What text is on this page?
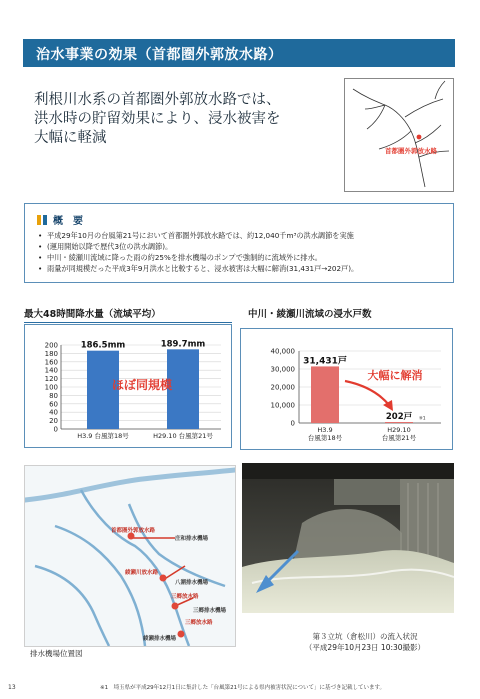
治水事業の効果（首都圏外郭放水路）
利根川水系の首都圏外郭放水路では、
洪水時の貯留効果により、浸水被害を
大幅に軽減
首都圏外郭放水路
概　要
• 平成29年10月の台風第21号において首都圏外郭放水路では、約12,040千m³の洪水調節を実施
• (運用開始以降で歴代3位の洪水調節)。
• 中川・綾瀬川流域に降った雨の約25%を排水機場のポンプで強制的に流域外に排水。
• 雨量が同規模だった平成3年9月洪水と比較すると、浸水被害は大幅に解消(31,431戸→202戸)。
最大48時間降水量（流域平均）	中川・綾瀬川流域の浸水戸数
200
180
160
140
120
100
80
60
40
20
0
186.5mm
H3.9 台風第18号
189.7mm
H29.10 台風第21号
ほぼ同規模
40,000
30,000
20,000
10,000
0
31,431戸
H3.9
台風第18号
202戸
H29.10
台風第21号
※1
大幅に解消
首都圏外郭放水路
庄和排水機場
綾瀬川放水路
八潮排水機場
三郷放水路
三郷排水機場
三郷放水路
綾瀬排水機場
排水機場位置図
第３立坑（倉松川）の流入状況
（平成29年10月23日 10:30撮影）
13	※1　埼玉県が平成29年12月1日に集計した「台風第21号による県内被害状況について」に基づき記載しています。
